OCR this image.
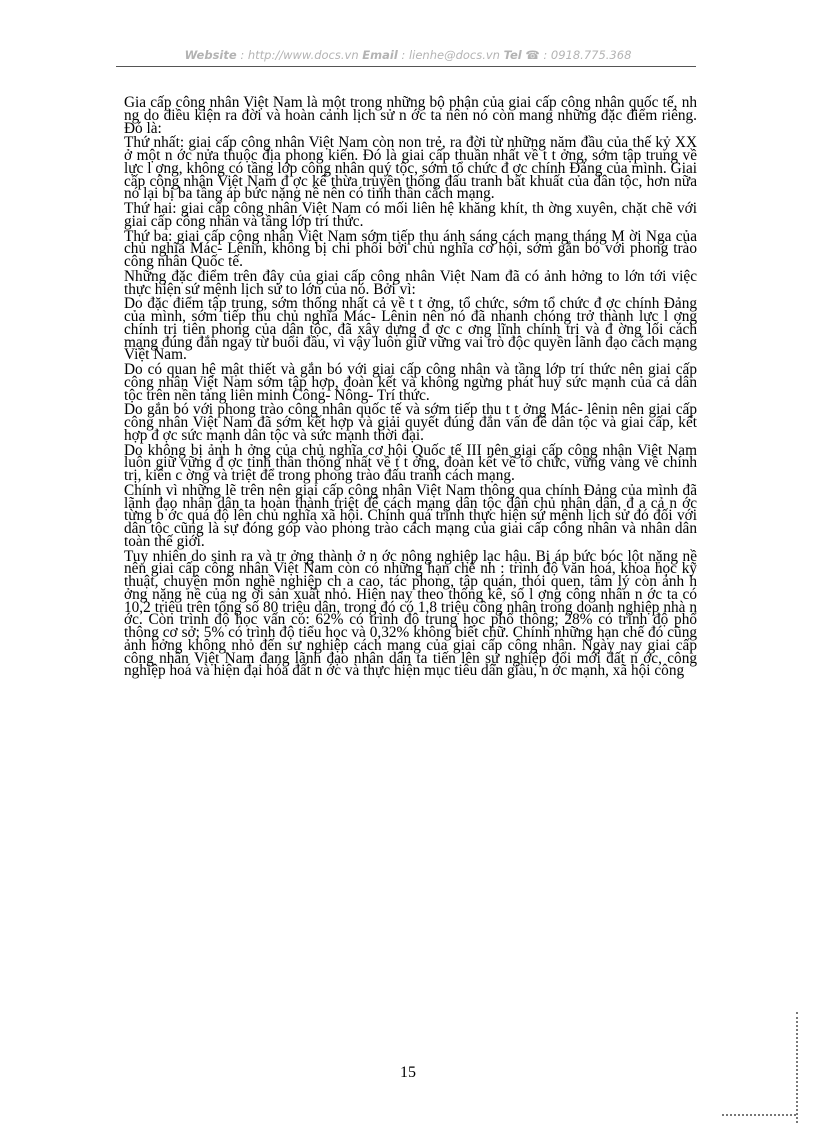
Website : http://www.docs.vn Email : lienhe@docs.vn Tel ☎ : 0918.775.368

Gia cấp công nhân Việt Nam là một trong những bộ phận của giai cấp công nhân quốc tế, nh ng do điều kiện ra đời và hoàn cảnh lịch sử n ớc ta nên nó còn mang những đặc điểm riêng. Đó là:

Thứ nhất: giai cấp công nhân Việt Nam còn non trẻ, ra đời từ những năm đầu của thế kỷ XX ở một n ớc nửa thuộc địa phong kiến. Đó là giai cấp thuần nhất về t t ởng, sớm tập trung về lực l ợng, không có tầng lớp công nhân quý tộc, sớm tổ chức đ ợc chính Đảng của mình. Giai cấp công nhân Việt Nam đ ợc kế thừa truyền thống đấu tranh bất khuất của dân tộc, hơn nữa nó lại bị ba tầng áp bức nặng nề nên có tinh thần cách mạng.

Thứ hai: giai cấp công nhân Việt Nam có mối liên hệ khăng khít, th ờng xuyên, chặt chẽ với giai cấp công nhân và tầng lớp trí thức.

Thứ ba: giai cấp công nhân Việt Nam sớm tiếp thu ánh sáng cách mạng tháng M ời Nga của chủ nghĩa Mác- Lênin, không bị chi phối bởi chủ nghĩa cơ hội, sớm gắn bó với phong trào công nhân Quốc tế.

Những đặc điểm trên đây của giai cấp công nhân Việt Nam đã có ảnh hởng to lớn tới việc thực hiện sứ mệnh lịch sử to lớn của nó. Bởi vì:

Do đặc điểm tập trung, sớm thống nhất cả về t t ởng, tổ chức, sớm tổ chức đ ợc chính Đảng của mình, sớm tiếp thu chủ nghĩa Mác- Lênin nên nó đã nhanh chóng trở thành lực l ợng chính trị tiên phong của dân tộc, đã xây dựng đ ợc c ơng lĩnh chính trị và đ ờng lối cách mạng đúng đắn ngay từ buổi đầu, vì vậy luôn giữ vững vai trò độc quyền lãnh đạo cách mạng Việt Nam.

Do có quan hệ mật thiết và gắn bó với giai cấp công nhân và tầng lớp trí thức nên giai cấp công nhân Việt Nam sớm tập hợp, đoàn kết và không ngừng phát huy sức mạnh của cả dân tộc trên nền tảng liên minh Công- Nông- Trí thức.

Do gắn bó với phong trào công nhân quốc tế và sớm tiếp thu t t ởng Mác- lênin nên giai cấp công nhân Việt Nam đã sớm kết hợp và giải quyết đúng đắn vấn đề dân tộc và giai cấp, kết hợp đ ợc sức mạnh dân tộc và sức mạnh thời đại.

Do không bị ảnh h ởng của chủ nghĩa cơ hội Quốc tế III nên giai cấp công nhân Việt Nam luôn giữ vững đ ợc tinh thần thống nhất về t t ởng, đoàn kết về tổ chức, vững vàng về chính trị, kiên c ờng và triệt để trong phong trào đấu tranh cách mạng.

Chính vì những lẽ trên nên giai cấp công nhân Việt Nam thông qua chính Đảng của mình đã lãnh đạo nhân dân ta hoàn thành triệt để cách mạng dân tộc dân chủ nhân dân, đ a cả n ớc từng b ớc quá độ lên chủ nghĩa xã hội. Chính quá trình thực hiện sứ mệnh lịch sử đó đối với dân tộc cũng là sự đóng góp vào phong trào cách mạng của giai cấp công nhân và nhân dân toàn thế giới.

Tuy nhiên do sinh ra và tr ởng thành ở n ớc nông nghiệp lạc hậu. Bị áp bức bóc lột nặng nề nên giai cấp công nhân Việt Nam còn có những hạn chế nh : trình độ văn hoá, khoa học kỹ thuật, chuyên môn nghề nghiệp ch a cao, tác phong, tập quán, thói quen, tâm lý còn ảnh h ởng nặng nề của ng ời sản xuất nhỏ. Hiện nay theo thống kê, số l ợng công nhân n ớc ta có 10,2 triệu trên tổng số 80 triệu dân, trong đó có 1,8 triệu công nhân trong doanh nghiệp nhà n ớc. Còn trình độ học vấn có: 62% có trình độ trung học phổ thông; 28% có trình độ phổ thông cơ sở; 5% có trình độ tiểu học và 0,32% không biết chữ. Chính những hạn chế đó cũng ảnh hởng không nhỏ đến sự nghiệp cách mạng của giai cấp công nhân. Ngày nay giai cấp công nhân Việt Nam đang lãnh đạo nhân dân ta tiến lên sự nghiệp đổi mới đất n ớc, công nghiệp hoá và hiện đại hóa đất n ớc và thực hiện mục tiêu dân giàu, n ớc mạnh, xã hội công

15
